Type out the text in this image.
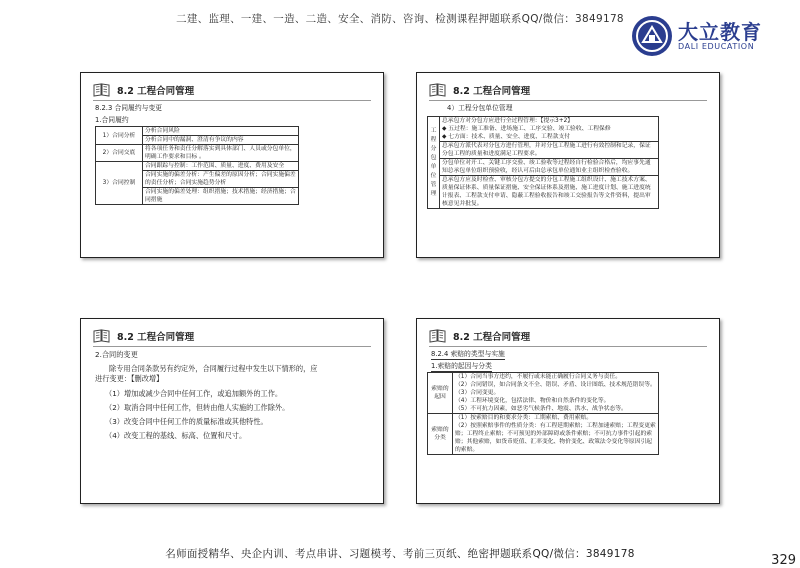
二建、监理、一建、一造、二造、安全、消防、咨询、检测课程押题联系QQ/微信：3849178
大立教育
DALI EDUCATION
8.2 工程合同管理
8.2.3 合同履约与变更
1.合同履约
1）合同分析	分析合同风险
	分析合同中的漏洞、澄清有争议的内容
2）合同交底	将各项任务和责任分解落实到具体部门、人员或分包单位，明确工作要求和目标 。
3）合同控制	合同跟踪与控制：工作范围、质量、进度、费用及安全
	合同实施的偏差分析：产生偏差的原因分析；合同实施偏差的责任分析；合同实施趋势分析
	合同实施的偏差处理：组织措施；技术措施；经济措施；合同措施
8.2 工程合同管理
4）工程分包单位管理
工程分包单位管理	
总承包方对分包方应进行全过程管理：【提示3+2】
◆ 五过程：施工准备、进场施工、工序交验、竣工验收、工程保修
◆ 七方面：技术、质量、安全、进度、工程款支付

总承包方派代表对分包方进行管理，并对分包工程施工进行有效控制和记录，保证分包工程的质量和进度满足工程要求。
分包单位对开工、关键工序交验、竣工验收等过程经自行检验合格后，均应事先通知总承包单位组织预验收，经认可后由总承包单位通知业主组织检查验收。
总承包方应及时检查、审核分包方提交的分包工程施工组织设计、施工技术方案、质量保证体系、质量保证措施、安全保证体系及措施、施工进度计划、施工进度统计报表、工程款支付申请、隐蔽工程验收报告和竣工交验报告等文件资料，提出审核意见并批复。
8.2 工程合同管理
2.合同的变更
除专用合同条款另有约定外，合同履行过程中发生以下情形的，应进行变更：【删改增】
（1）增加或减少合同中任何工作，或追加额外的工作。
（2）取消合同中任何工作，但转由他人实施的工作除外。
（3）改变合同中任何工作的质量标准或其他特性。
（4）改变工程的基线、标高、位置和尺寸。
8.2 工程合同管理
8.2.4 索赔的类型与实施
1.索赔的起因与分类
索赔的起因	（1）合同当事方违约，不履行或未能正确履行合同义务与责任。
（2）合同错误，如合同条文不全、错误、矛盾、设计图纸、技术规范错误等。
（3）合同变更。
（4）工程环境变化，包括法律、物价和自然条件的变化等。
（5）不可抗力因素，如恶劣气候条件、地震、洪水、战争状态等。
索赔的分类	（1）按索赔目的和要求分类：工期索赔、费用索赔。
（2）按照索赔事件的性质分类：有工程延期索赔；工程加速索赔；工程变更索赔；工程终止索赔；不可预见的外部障碍或条件索赔；不可抗力事件引起的索赔；其他索赔，如货币贬值、汇率变化、物价变化、政策法令变化等原因引起的索赔。
名师面授精华、央企内训、考点串讲、习题模考、考前三页纸、绝密押题联系QQ/微信：3849178	329
